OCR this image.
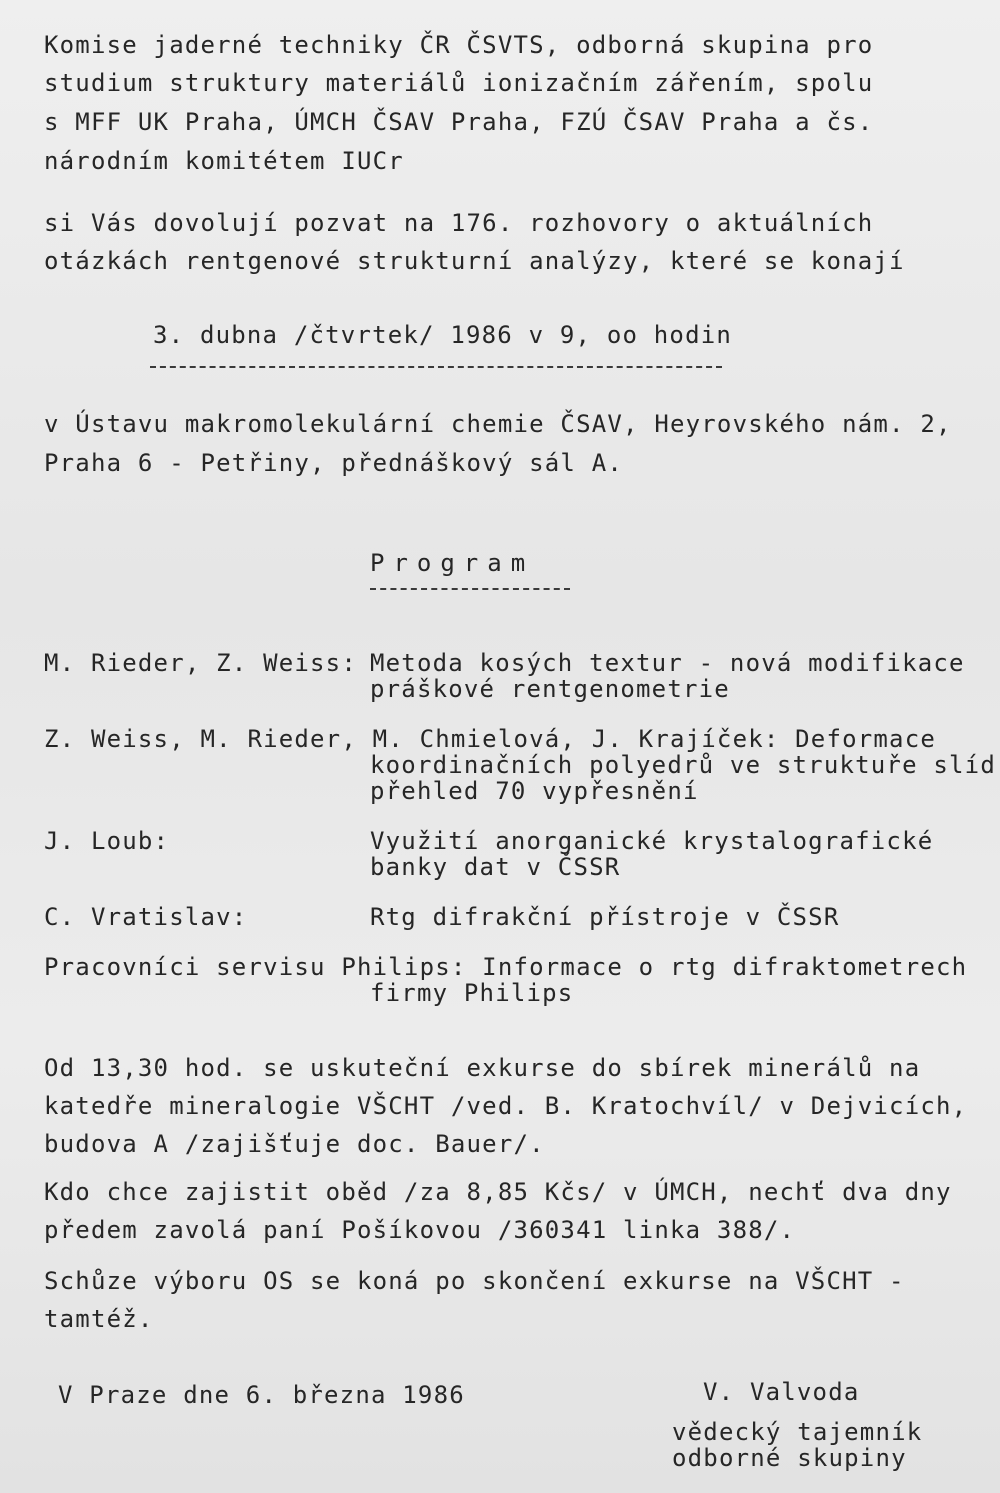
Komise jaderné techniky ČR ČSVTS, odborná skupina pro
studium struktury materiálů ionizačním zářením, spolu
s MFF UK Praha, ÚMCH ČSAV Praha, FZÚ ČSAV Praha a čs.
národním komitétem IUCr
si Vás dovolují pozvat na 176. rozhovory o aktuálních
otázkách rentgenové strukturní analýzy, které se konají
3. dubna /čtvrtek/ 1986 v 9, oo hodin
v Ústavu makromolekulární chemie ČSAV, Heyrovského nám. 2,
Praha 6 - Petřiny, přednáškový sál A.
Program
M. Rieder, Z. Weiss: Metoda kosých textur - nová modifikace
práškové rentgenometrie
Z. Weiss, M. Rieder, M. Chmielová, J. Krajíček: Deformace
koordinačních polyedrů ve struktuře slíd
přehled 70 vypřesnění
J. Loub:	Využití anorganické krystalografické
banky dat v ČSSR
C. Vratislav:	Rtg difrakční přístroje v ČSSR
Pracovníci servisu Philips: Informace o rtg difraktometrech
firmy Philips
Od 13,30 hod. se uskuteční exkurse do sbírek minerálů na
katedře mineralogie VŠCHT /ved. B. Kratochvíl/ v Dejvicích,
budova A /zajišťuje doc. Bauer/.
Kdo chce zajistit oběd /za 8,85 Kčs/ v ÚMCH, nechť dva dny
předem zavolá paní Pošíkovou /360341 linka 388/.
Schůze výboru OS se koná po skončení exkurse na VŠCHT -
tamtéž.
V Praze dne 6. března 1986	V. Valvoda
vědecký tajemník
odborné skupiny
